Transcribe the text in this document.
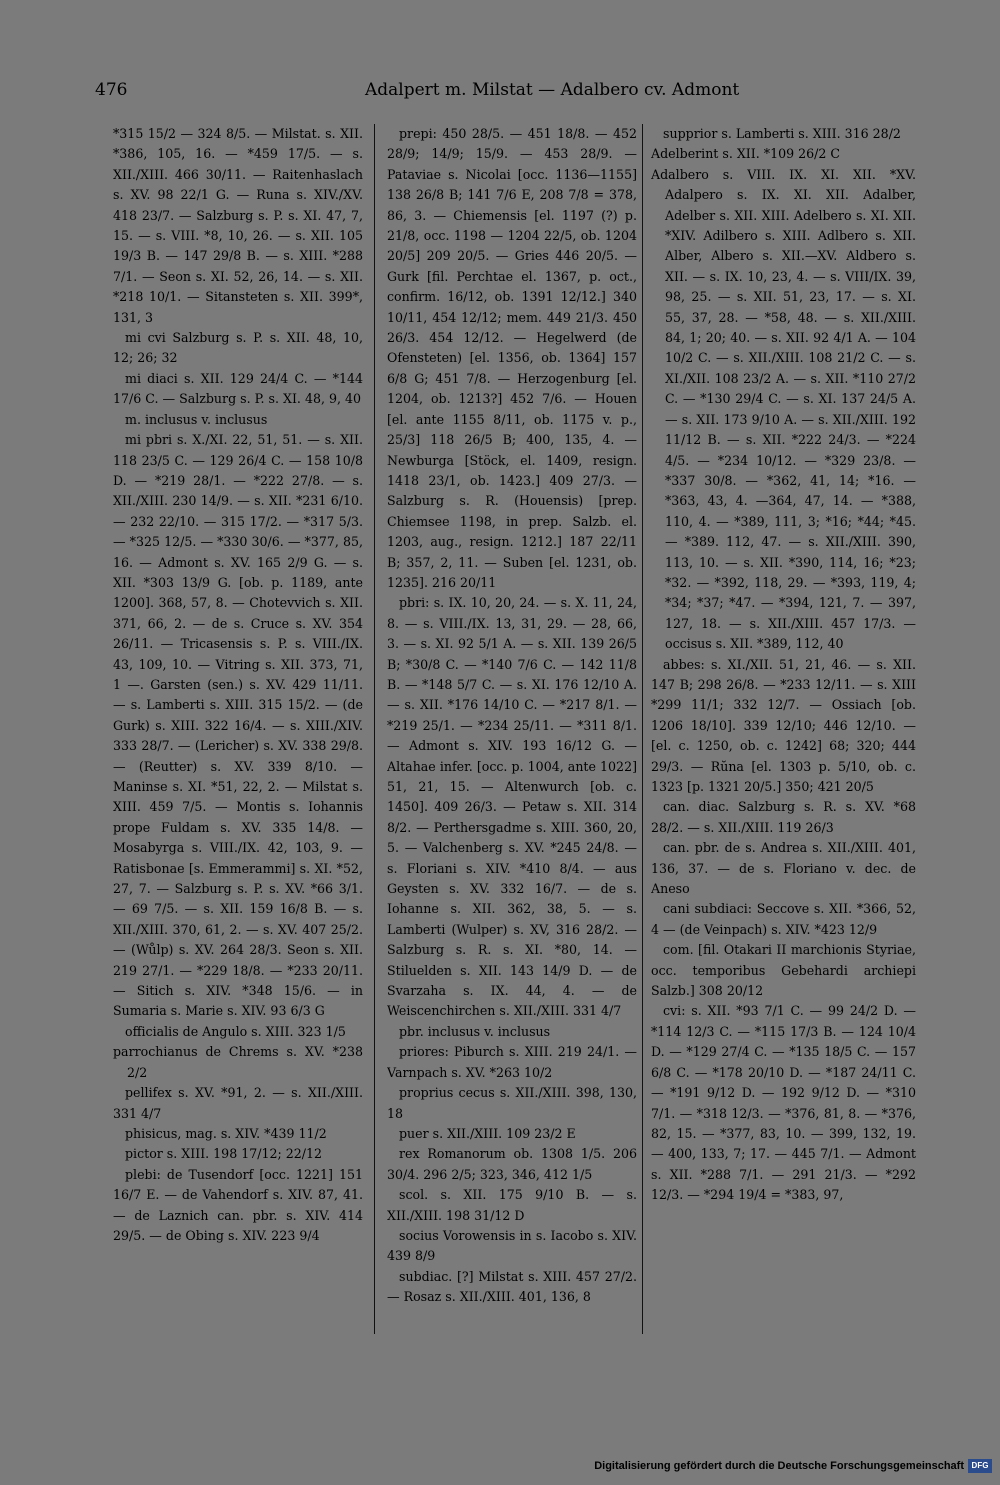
476	Adalpert m. Milstat — Adalbero cv. Admont

*315 15/2 — 324 8/5. — Milstat. s. XII. *386, 105, 16. — *459 17/5. — s. XII./XIII. 466 30/11. — Raitenhaslach s. XV. 98 22/1 G. — Runa s. XIV./XV. 418 23/7. — Salzburg s. P. s. XI. 47, 7, 15. — s. VIII. *8, 10, 26. — s. XII. 105 19/3 B. — 147 29/8 B. — s. XIII. *288 7/1. — Seon s. XI. 52, 26, 14. — s. XII. *218 10/1. — Sitansteten s. XII. 399*, 131, 3

mi cvi Salzburg s. P. s. XII. 48, 10, 12; 26; 32

mi diaci s. XII. 129 24/4 C. — *144 17/6 C. — Salzburg s. P. s. XI. 48, 9, 40

m. inclusus v. inclusus

mi pbri s. X./XI. 22, 51, 51. — s. XII. 118 23/5 C. — 129 26/4 C. — 158 10/8 D. — *219 28/1. — *222 27/8. — s. XII./XIII. 230 14/9. — s. XII. *231 6/10. — 232 22/10. — 315 17/2. — *317 5/3. — *325 12/5. — *330 30/6. — *377, 85, 16. — Admont s. XV. 165 2/9 G. — s. XII. *303 13/9 G. [ob. p. 1189, ante 1200]. 368, 57, 8. — Chotevvich s. XII. 371, 66, 2. — de s. Cruce s. XV. 354 26/11. — Tricasensis s. P. s. VIII./IX. 43, 109, 10. — Vitring s. XII. 373, 71, 1 —. Garsten (sen.) s. XV. 429 11/11. — s. Lamberti s. XIII. 315 15/2. — (de Gurk) s. XIII. 322 16/4. — s. XIII./XIV. 333 28/7. — (Lericher) s. XV. 338 29/8. — (Reutter) s. XV. 339 8/10. — Maninse s. XI. *51, 22, 2. — Milstat s. XIII. 459 7/5. — Montis s. Iohannis prope Fuldam s. XV. 335 14/8. — Mosabyrga s. VIII./IX. 42, 103, 9. — Ratisbonae [s. Emmerammi] s. XI. *52, 27, 7. — Salzburg s. P. s. XV. *66 3/1. — 69 7/5. — s. XII. 159 16/8 B. — s. XII./XIII. 370, 61, 2. — s. XV. 407 25/2. — (Wůlp) s. XV. 264 28/3. Seon s. XII. 219 27/1. — *229 18/8. — *233 20/11. — Sitich s. XIV. *348 15/6. — in Sumaria s. Marie s. XIV. 93 6/3 G

officialis de Angulo s. XIII. 323 1/5

parrochianus de Chrems s. XV. *238 2/2

pellifex s. XV. *91, 2. — s. XII./XIII. 331 4/7

phisicus, mag. s. XIV. *439 11/2

pictor s. XIII. 198 17/12; 22/12

plebi: de Tusendorf [occ. 1221] 151 16/7 E. — de Vahendorf s. XIV. 87, 41. — de Laznich can. pbr. s. XIV. 414 29/5. — de Obing s. XIV. 223 9/4

prepi: 450 28/5. — 451 18/8. — 452 28/9; 14/9; 15/9. — 453 28/9. — Pataviae s. Nicolai [occ. 1136—1155] 138 26/8 B; 141 7/6 E, 208 7/8 = 378, 86, 3. — Chiemensis [el. 1197 (?) p. 21/8, occ. 1198 — 1204 22/5, ob. 1204 20/5] 209 20/5. — Gries 446 20/5. — Gurk [fil. Perchtae el. 1367, p. oct., confirm. 16/12, ob. 1391 12/12.] 340 10/11, 454 12/12; mem. 449 21/3. 450 26/3. 454 12/12. — Hegelwerd (de Ofensteten) [el. 1356, ob. 1364] 157 6/8 G; 451 7/8. — Herzogenburg [el. 1204, ob. 1213?] 452 7/6. — Houen [el. ante 1155 8/11, ob. 1175 v. p., 25/3] 118 26/5 B; 400, 135, 4. — Newburga [Stöck, el. 1409, resign. 1418 23/1, ob. 1423.] 409 27/3. — Salzburg s. R. (Houensis) [prep. Chiemsee 1198, in prep. Salzb. el. 1203, aug., resign. 1212.] 187 22/11 B; 357, 2, 11. — Suben [el. 1231, ob. 1235]. 216 20/11

pbri: s. IX. 10, 20, 24. — s. X. 11, 24, 8. — s. VIII./IX. 13, 31, 29. — 28, 66, 3. — s. XI. 92 5/1 A. — s. XII. 139 26/5 B; *30/8 C. — *140 7/6 C. — 142 11/8 B. — *148 5/7 C. — s. XI. 176 12/10 A. — s. XII. *176 14/10 C. — *217 8/1. — *219 25/1. — *234 25/11. — *311 8/1. — Admont s. XIV. 193 16/12 G. — Altahae infer. [occ. p. 1004, ante 1022] 51, 21, 15. — Altenwurch [ob. c. 1450]. 409 26/3. — Petaw s. XII. 314 8/2. — Perthersgadme s. XIII. 360, 20, 5. — Valchenberg s. XV. *245 24/8. — s. Floriani s. XIV. *410 8/4. — aus Geysten s. XV. 332 16/7. — de s. Iohanne s. XII. 362, 38, 5. — s. Lamberti (Wulper) s. XV, 316 28/2. — Salzburg s. R. s. XI. *80, 14. — Stiluelden s. XII. 143 14/9 D. — de Svarzaha s. IX. 44, 4. — de Weiscenchirchen s. XII./XIII. 331 4/7

pbr. inclusus v. inclusus

priores: Piburch s. XIII. 219 24/1. — Varnpach s. XV. *263 10/2

proprius cecus s. XII./XIII. 398, 130, 18

puer s. XII./XIII. 109 23/2 E

rex Romanorum ob. 1308 1/5. 206 30/4. 296 2/5; 323, 346, 412 1/5

scol. s. XII. 175 9/10 B. — s. XII./XIII. 198 31/12 D

socius Vorowensis in s. Iacobo s. XIV. 439 8/9

subdiac. [?] Milstat s. XIII. 457 27/2. — Rosaz s. XII./XIII. 401, 136, 8

supprior s. Lamberti s. XIII. 316 28/2

Adelberint s. XII. *109 26/2 C

Adalbero s. VIII. IX. XI. XII. *XV. Adalpero s. IX. XI. XII. Adalber, Adelber s. XII. XIII. Adelbero s. XI. XII. *XIV. Adilbero s. XIII. Adlbero s. XII. Alber, Albero s. XII.—XV. Aldbero s. XII. — s. IX. 10, 23, 4. — s. VIII/IX. 39, 98, 25. — s. XII. 51, 23, 17. — s. XI. 55, 37, 28. — *58, 48. — s. XII./XIII. 84, 1; 20; 40. — s. XII. 92 4/1 A. — 104 10/2 C. — s. XII./XIII. 108 21/2 C. — s. XI./XII. 108 23/2 A. — s. XII. *110 27/2 C. — *130 29/4 C. — s. XI. 137 24/5 A. — s. XII. 173 9/10 A. — s. XII./XIII. 192 11/12 B. — s. XII. *222 24/3. — *224 4/5. — *234 10/12. — *329 23/8. — *337 30/8. — *362, 41, 14; *16. — *363, 43, 4. —364, 47, 14. — *388, 110, 4. — *389, 111, 3; *16; *44; *45. — *389. 112, 47. — s. XII./XIII. 390, 113, 10. — s. XII. *390, 114, 16; *23; *32. — *392, 118, 29. — *393, 119, 4; *34; *37; *47. — *394, 121, 7. — 397, 127, 18. — s. XII./XIII. 457 17/3. — occisus s. XII. *389, 112, 40

abbes: s. XI./XII. 51, 21, 46. — s. XII. 147 B; 298 26/8. — *233 12/11. — s. XIII *299 11/1; 332 12/7. — Ossiach [ob. 1206 18/10]. 339 12/10; 446 12/10. — [el. c. 1250, ob. c. 1242] 68; 320; 444 29/3. — Rŭna [el. 1303 p. 5/10, ob. c. 1323 [p. 1321 20/5.] 350; 421 20/5

can. diac. Salzburg s. R. s. XV. *68 28/2. — s. XII./XIII. 119 26/3

can. pbr. de s. Andrea s. XII./XIII. 401, 136, 37. — de s. Floriano v. dec. de Aneso

cani subdiaci: Seccove s. XII. *366, 52, 4 — (de Veinpach) s. XIV. *423 12/9

com. [fil. Otakari II marchionis Styriae, occ. temporibus Gebehardi archiepi Salzb.] 308 20/12

cvi: s. XII. *93 7/1 C. — 99 24/2 D. — *114 12/3 C. — *115 17/3 B. — 124 10/4 D. — *129 27/4 C. — *135 18/5 C. — 157 6/8 C. — *178 20/10 D. — *187 24/11 C. — *191 9/12 D. — 192 9/12 D. — *310 7/1. — *318 12/3. — *376, 81, 8. — *376, 82, 15. — *377, 83, 10. — 399, 132, 19. — 400, 133, 7; 17. — 445 7/1. — Admont s. XII. *288 7/1. — 291 21/3. — *292 12/3. — *294 19/4 = *383, 97,

Digitalisierung gefördert durch die Deutsche Forschungsgemeinschaft DFG
